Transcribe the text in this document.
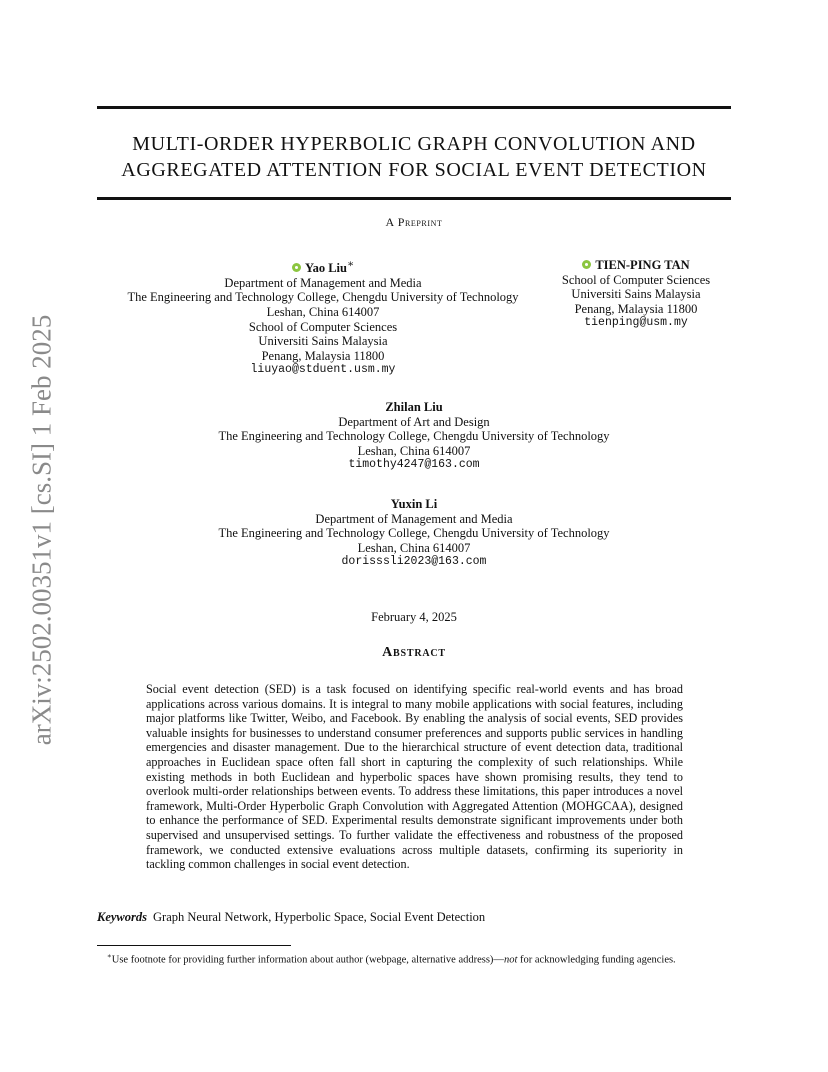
arXiv:2502.00351v1 [cs.SI] 1 Feb 2025
MULTI-ORDER HYPERBOLIC GRAPH CONVOLUTION AND
AGGREGATED ATTENTION FOR SOCIAL EVENT DETECTION
A Preprint
Yao Liu∗
Department of Management and Media
The Engineering and Technology College, Chengdu University of Technology
Leshan, China 614007
School of Computer Sciences
Universiti Sains Malaysia
Penang, Malaysia 11800
liuyao@stduent.usm.my
TIEN-PING TAN
School of Computer Sciences
Universiti Sains Malaysia
Penang, Malaysia 11800
tienping@usm.my
Zhilan Liu
Department of Art and Design
The Engineering and Technology College, Chengdu University of Technology
Leshan, China 614007
timothy4247@163.com
Yuxin Li
Department of Management and Media
The Engineering and Technology College, Chengdu University of Technology
Leshan, China 614007
dorisssli2023@163.com
February 4, 2025
Abstract
Social event detection (SED) is a task focused on identifying specific real-world events and has broad applications across various domains. It is integral to many mobile applications with social features, including major platforms like Twitter, Weibo, and Facebook. By enabling the analysis of social events, SED provides valuable insights for businesses to understand consumer preferences and supports public services in handling emergencies and disaster management. Due to the hierarchical structure of event detection data, traditional approaches in Euclidean space often fall short in capturing the complexity of such relationships. While existing methods in both Euclidean and hyperbolic spaces have shown promising results, they tend to overlook multi-order relationships between events. To address these limitations, this paper introduces a novel framework, Multi-Order Hyperbolic Graph Convolution with Aggregated Attention (MOHGCAA), designed to enhance the performance of SED. Experimental results demonstrate significant improvements under both supervised and unsupervised settings. To further validate the effectiveness and robustness of the proposed framework, we conducted extensive evaluations across multiple datasets, confirming its superiority in tackling common challenges in social event detection.
Keywords Graph Neural Network, Hyperbolic Space, Social Event Detection
∗Use footnote for providing further information about author (webpage, alternative address)—not for acknowledging funding agencies.
